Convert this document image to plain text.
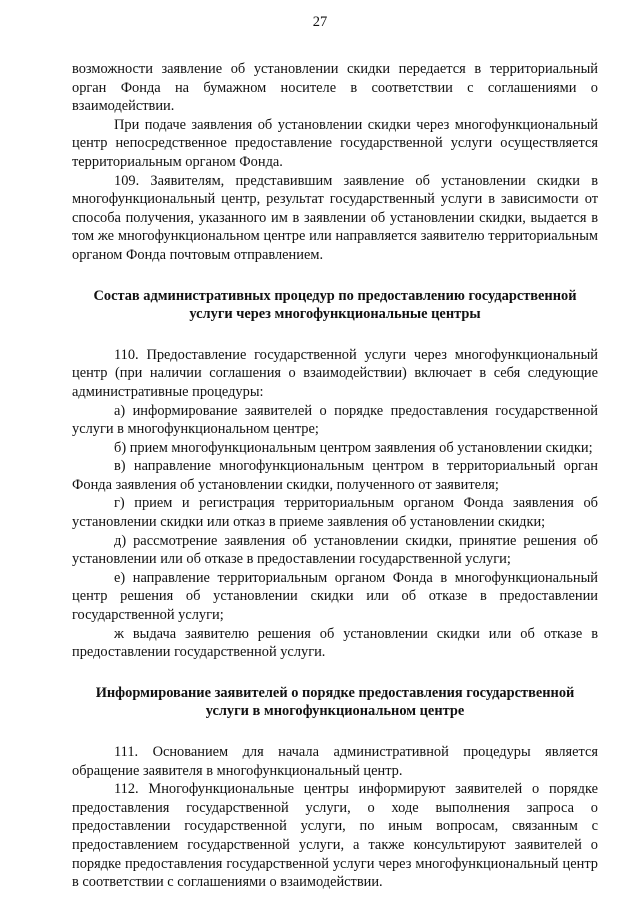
27

возможности заявление об установлении скидки передается в территориальный орган Фонда на бумажном носителе в соответствии с соглашениями о взаимодействии.

При подаче заявления об установлении скидки через многофункциональный центр непосредственное предоставление государственной услуги осуществляется территориальным органом Фонда.

109. Заявителям, представившим заявление об установлении скидки в многофункциональный центр, результат государственный услуги в зависимости от способа получения, указанного им в заявлении об установлении скидки, выдается в том же многофункциональном центре или направляется заявителю территориальным органом Фонда почтовым отправлением.

Состав административных процедур по предоставлению государственной услуги через многофункциональные центры

110. Предоставление государственной услуги через многофункциональный центр (при наличии соглашения о взаимодействии) включает в себя следующие административные процедуры:

а) информирование заявителей о порядке предоставления государственной услуги в многофункциональном центре;

б) прием многофункциональным центром заявления об установлении скидки;

в) направление многофункциональным центром в территориальный орган Фонда заявления об установлении скидки, полученного от заявителя;

г) прием и регистрация территориальным органом Фонда заявления об установлении скидки или отказ в приеме заявления об установлении скидки;

д) рассмотрение заявления об установлении скидки, принятие решения об установлении или об отказе в предоставлении государственной услуги;

е) направление территориальным органом Фонда в многофункциональный центр решения об установлении скидки или об отказе в предоставлении государственной услуги;

ж выдача заявителю решения об установлении скидки или об отказе в предоставлении государственной услуги.

Информирование заявителей о порядке предоставления государственной услуги в многофункциональном центре

111. Основанием для начала административной процедуры является обращение заявителя в многофункциональный центр.

112. Многофункциональные центры информируют заявителей о порядке предоставления государственной услуги, о ходе выполнения запроса о предоставлении государственной услуги, по иным вопросам, связанным с предоставлением государственной услуги, а также консультируют заявителей о порядке предоставления государственной услуги через многофункциональный центр в соответствии с соглашениями о взаимодействии.
